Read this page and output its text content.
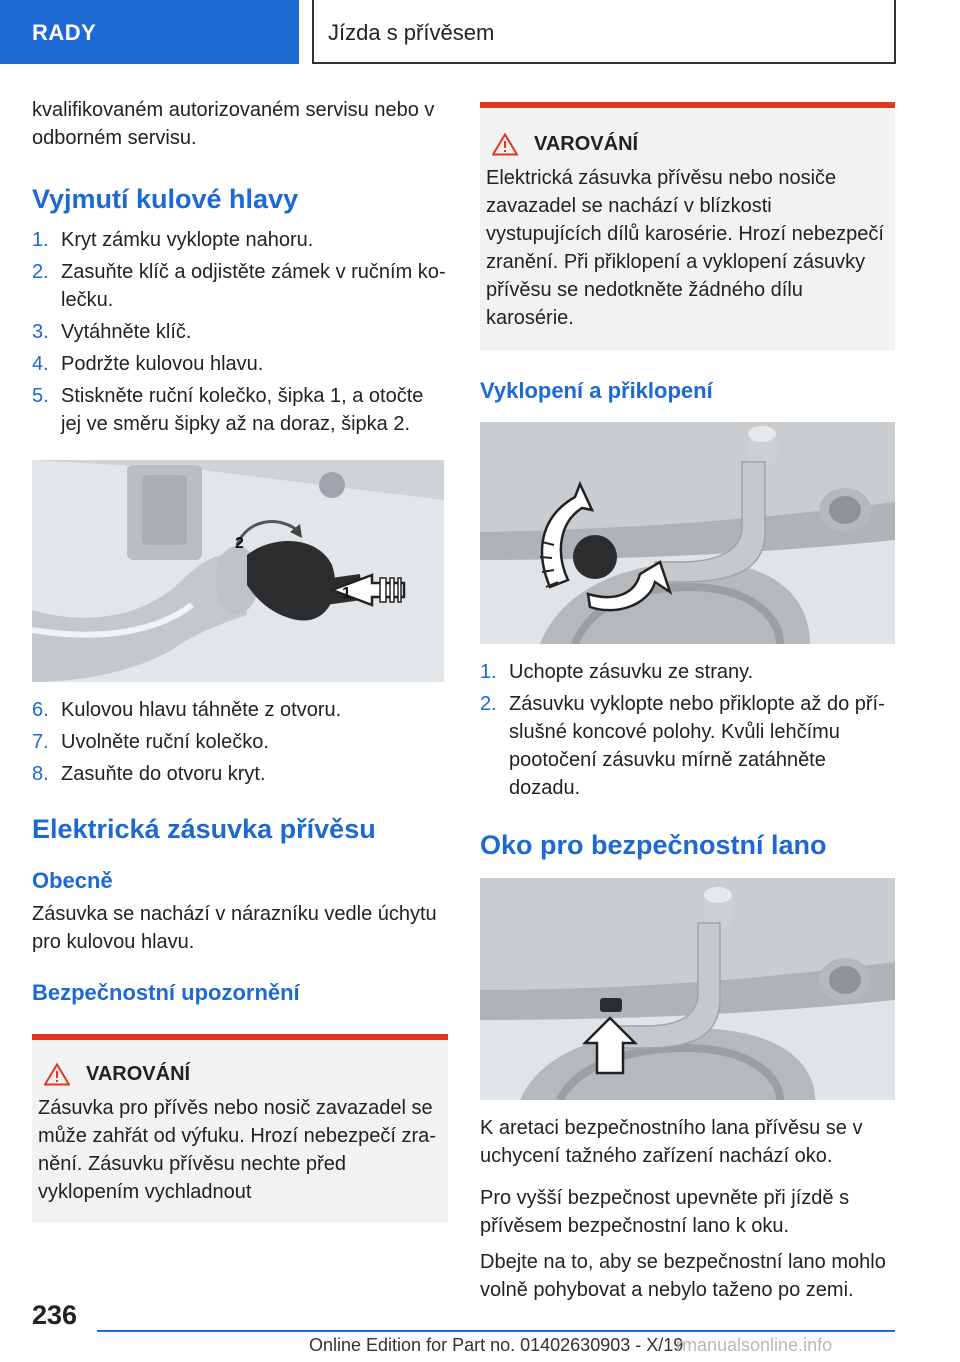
RADY	Jízda s přívěsem

kvalifikovaném autorizovaném servisu nebo v odborném servisu.

Vyjmutí kulové hlavy
1. Kryt zámku vyklopte nahoru.
2. Zasuňte klíč a odjistěte zámek v ručním kolečku.
3. Vytáhněte klíč.
4. Podržte kulovou hlavu.
5. Stiskněte ruční kolečko, šipka 1, a otočte jej ve směru šipky až na doraz, šipka 2.
1
2
6. Kulovou hlavu táhněte z otvoru.
7. Uvolněte ruční kolečko.
8. Zasuňte do otvoru kryt.
Elektrická zásuvka přívěsu
Obecně

Zásuvka se nachází v nárazníku vedle úchytu pro kulovou hlavu.

Bezpečnostní upozornění
VAROVÁNÍ

Zásuvka pro přívěs nebo nosič zavazadel se může zahřát od výfuku. Hrozí nebezpečí zranění. Zásuvku přívěsu nechte před vyklopením vychladnout

VAROVÁNÍ

Elektrická zásuvka přívěsu nebo nosiče zavazadel se nachází v blízkosti vystupujících dílů karosérie. Hrozí nebezpečí zranění. Při přiklopení a vyklopení zásuvky přívěsu se nedotkněte žádného dílu karosérie.

Vyklopení a přiklopení
1. Uchopte zásuvku ze strany.
2. Zásuvku vyklopte nebo přiklopte až do příslušné koncové polohy. Kvůli lehčímu pootočení zásuvku mírně zatáhněte dozadu.
Oko pro bezpečnostní lano

K aretaci bezpečnostního lana přívěsu se v uchycení tažného zařízení nachází oko.

Pro vyšší bezpečnost upevněte při jízdě s přívěsem bezpečnostní lano k oku.

Dbejte na to, aby se bezpečnostní lano mohlo volně pohybovat a nebylo taženo po zemi.

236
Online Edition for Part no. 01402630903 - X/19
rmanualsonline.info
